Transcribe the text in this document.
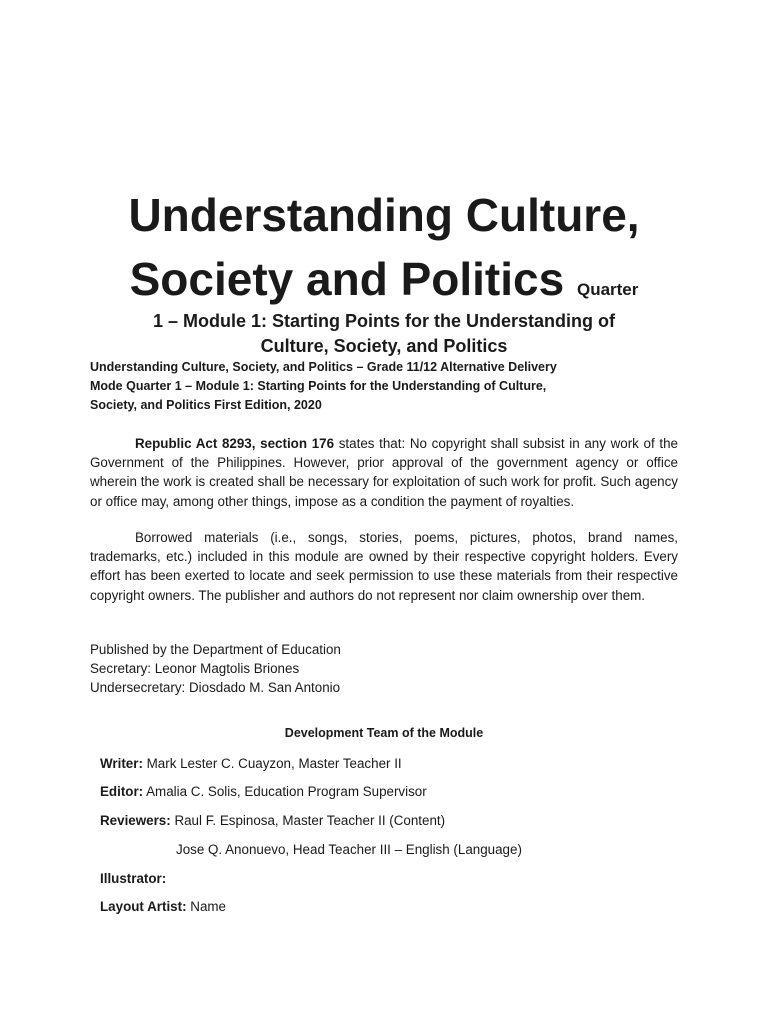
Understanding Culture,
Society and Politics Quarter
1 – Module 1: Starting Points for the Understanding of
Culture, Society, and Politics
Understanding Culture, Society, and Politics – Grade 11/12 Alternative Delivery
Mode Quarter 1 – Module 1: Starting Points for the Understanding of Culture,
Society, and Politics First Edition, 2020
Republic Act 8293, section 176 states that: No copyright shall subsist in any work of the Government of the Philippines. However, prior approval of the government agency or office wherein the work is created shall be necessary for exploitation of such work for profit. Such agency or office may, among other things, impose as a condition the payment of royalties.
Borrowed materials (i.e., songs, stories, poems, pictures, photos, brand names, trademarks, etc.) included in this module are owned by their respective copyright holders. Every effort has been exerted to locate and seek permission to use these materials from their respective copyright owners. The publisher and authors do not represent nor claim ownership over them.
Published by the Department of Education
Secretary: Leonor Magtolis Briones
Undersecretary: Diosdado M. San Antonio
Development Team of the Module
Writer: Mark Lester C. Cuayzon, Master Teacher II
Editor: Amalia C. Solis, Education Program Supervisor
Reviewers: Raul F. Espinosa, Master Teacher II (Content)
Jose Q. Anonuevo, Head Teacher III – English (Language)
Illustrator:
Layout Artist: Name
